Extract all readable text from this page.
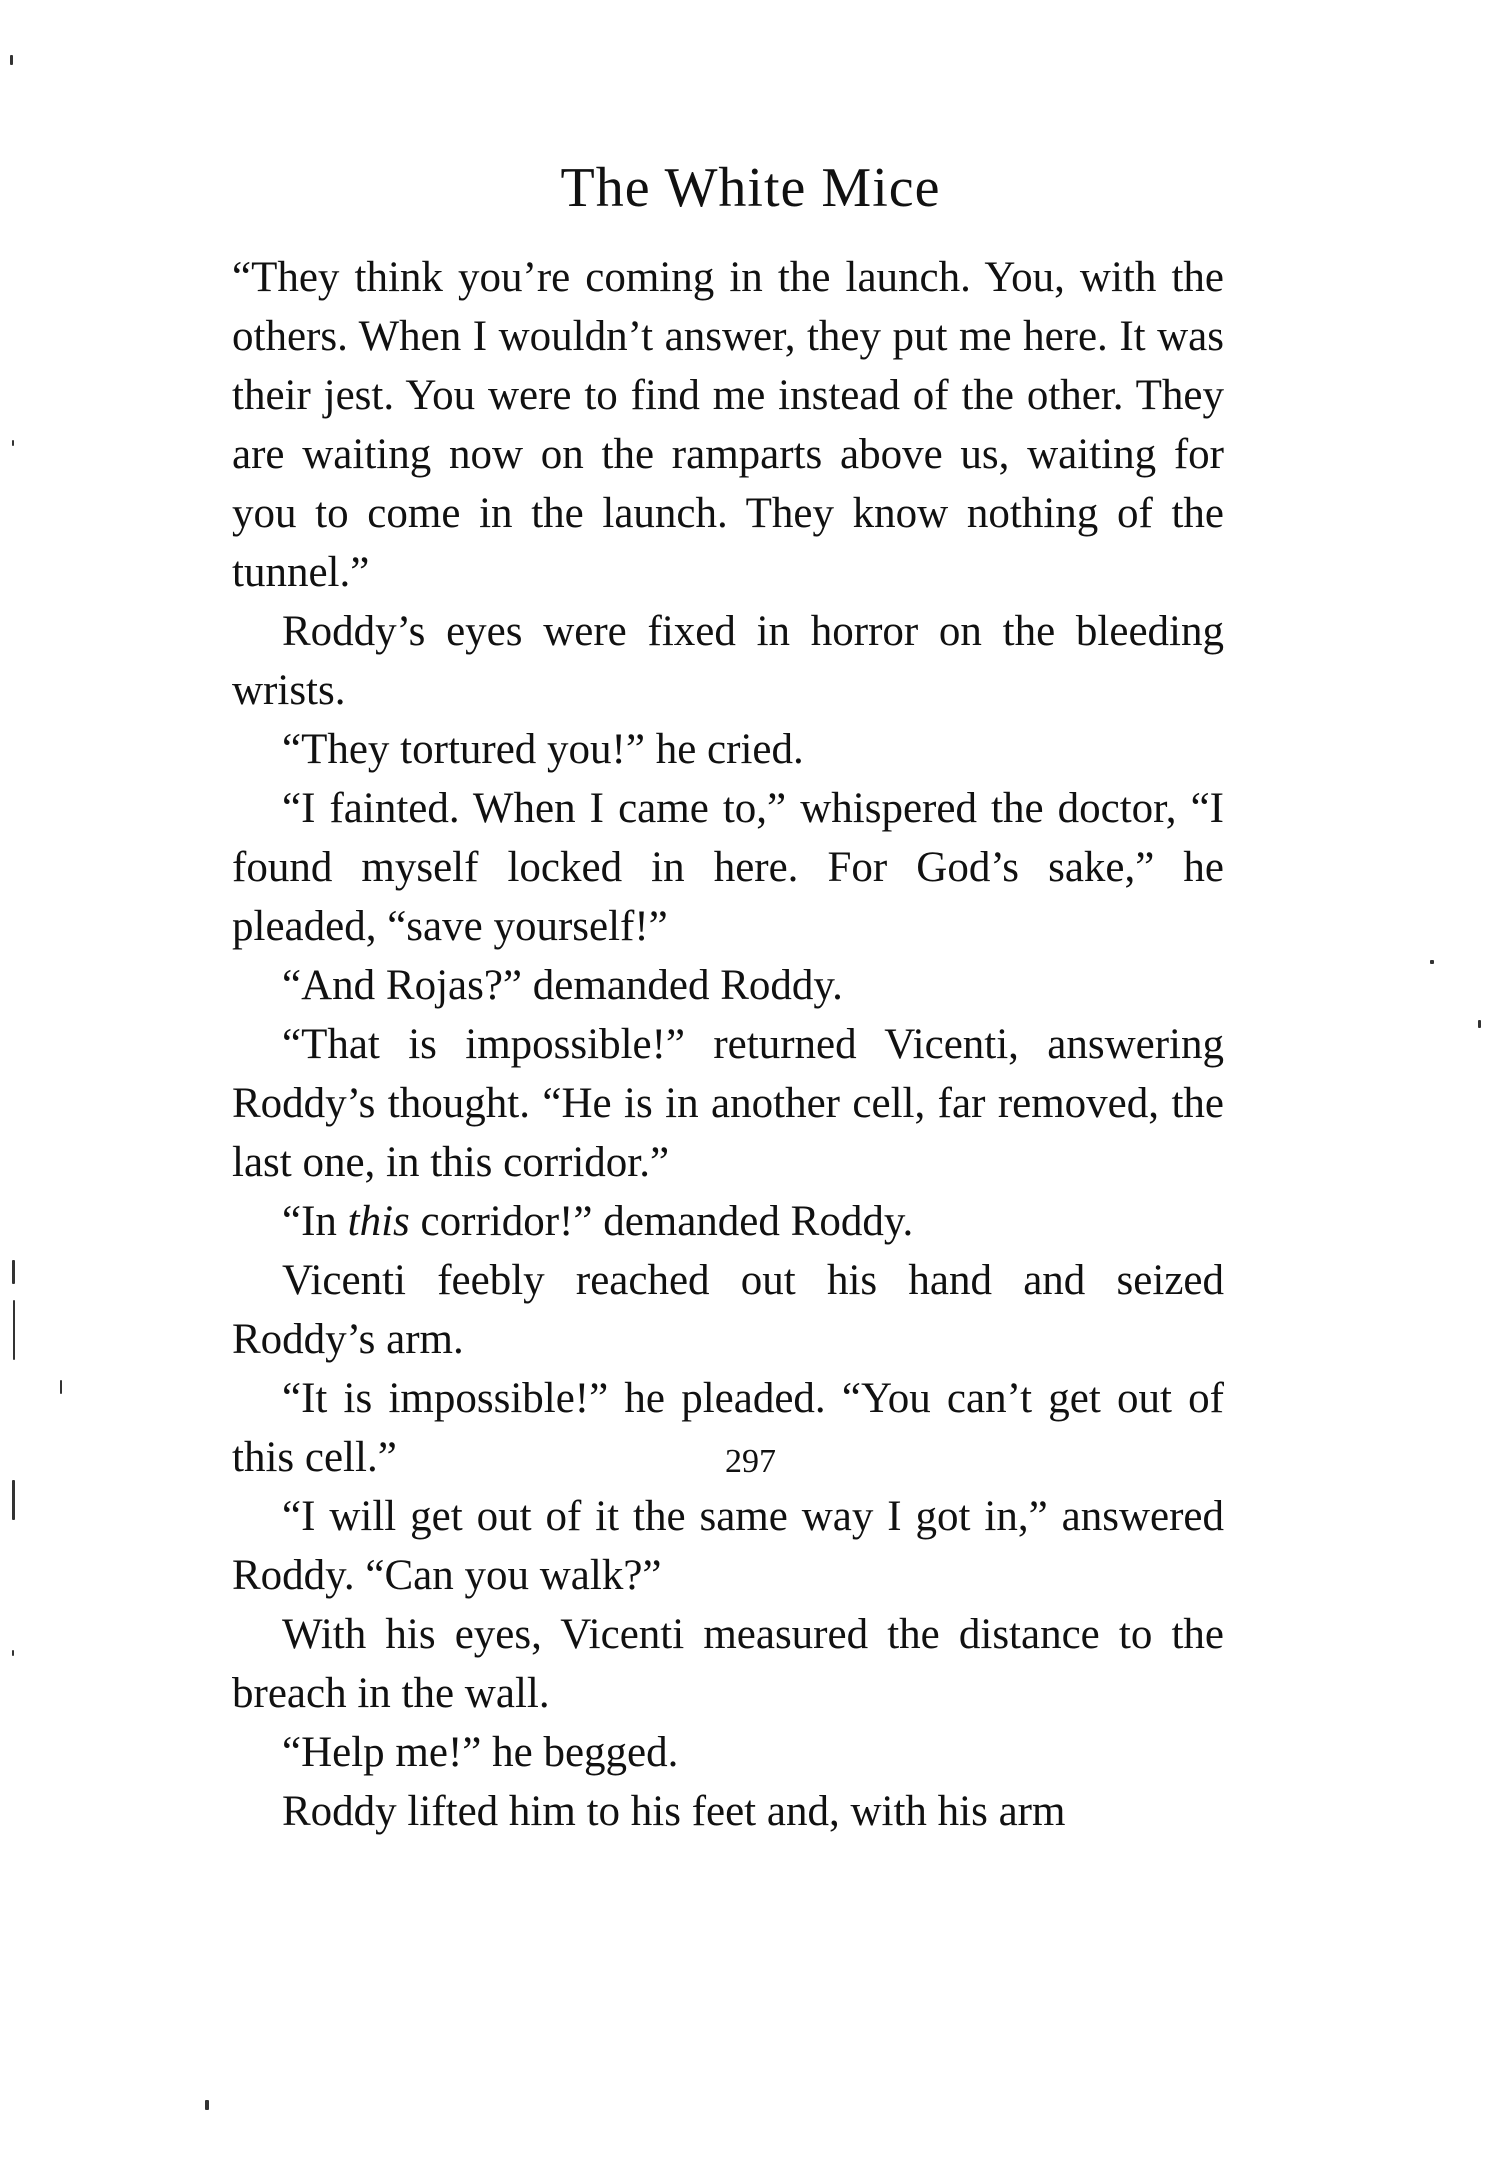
The White Mice

“They think you’re coming in the launch. You, with the others. When I wouldn’t answer, they put me here. It was their jest. You were to find me instead of the other. They are waiting now on the ramparts above us, waiting for you to come in the launch. They know nothing of the tunnel.”

Roddy’s eyes were fixed in horror on the bleeding wrists.

“They tortured you!” he cried.

“I fainted. When I came to,” whispered the doctor, “I found myself locked in here. For God’s sake,” he pleaded, “save yourself!”

“And Rojas?” demanded Roddy.

“That is impossible!” returned Vicenti, answering Roddy’s thought. “He is in another cell, far removed, the last one, in this corridor.”

“In this corridor!” demanded Roddy.

Vicenti feebly reached out his hand and seized Roddy’s arm.

“It is impossible!” he pleaded. “You can’t get out of this cell.”

“I will get out of it the same way I got in,” answered Roddy. “Can you walk?”

With his eyes, Vicenti measured the distance to the breach in the wall.

“Help me!” he begged.

Roddy lifted him to his feet and, with his arm

297
